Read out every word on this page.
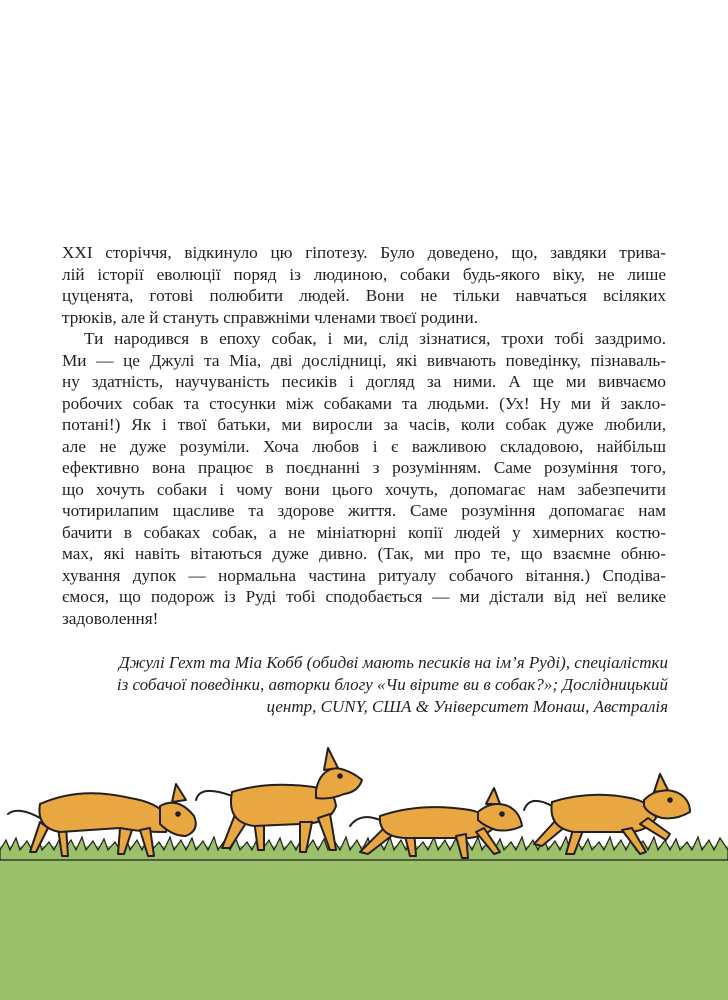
XXI сторіччя, відкинуло цю гіпотезу. Було доведено, що, завдяки трива-
лій історії еволюції поряд із людиною, собаки будь-якого віку, не лише
цуценята, готові полюбити людей. Вони не тільки навчаться всіляких
трюків, але й стануть справжніми членами твоєї родини.

Ти народився в епоху собак, і ми, слід зізнатися, трохи тобі заздримо.
Ми — це Джулі та Міа, дві дослідниці, які вивчають поведінку, пізнаваль-
ну здатність, научуваність песиків і догляд за ними. А ще ми вивчаємо
робочих собак та стосунки між собаками та людьми. (Ух! Ну ми й закло-
потані!) Як і твої батьки, ми виросли за часів, коли собак дуже любили,
але не дуже розуміли. Хоча любов і є важливою складовою, найбільш
ефективно вона працює в поєднанні з розумінням. Саме розуміння того,
що хочуть собаки і чому вони цього хочуть, допомагає нам забезпечити
чотирилапим щасливе та здорове життя. Саме розуміння допомагає нам
бачити в собаках собак, а не мініатюрні копії людей у химерних костю-
мах, які навіть вітаються дуже дивно. (Так, ми про те, що взаємне обню-
хування дупок — нормальна частина ритуалу собачого вітання.) Сподіва-
ємося, що подорож із Руді тобі сподобається — ми дістали від неї велике
задоволення!

Джулі Гехт та Міа Кобб (обидві мають песиків на ім’я Руді), спеціалістки
із собачої поведінки, авторки блогу «Чи вірите ви в собак?»; Дослідницький
центр, CUNY, США & Університет Монаш, Австралія
